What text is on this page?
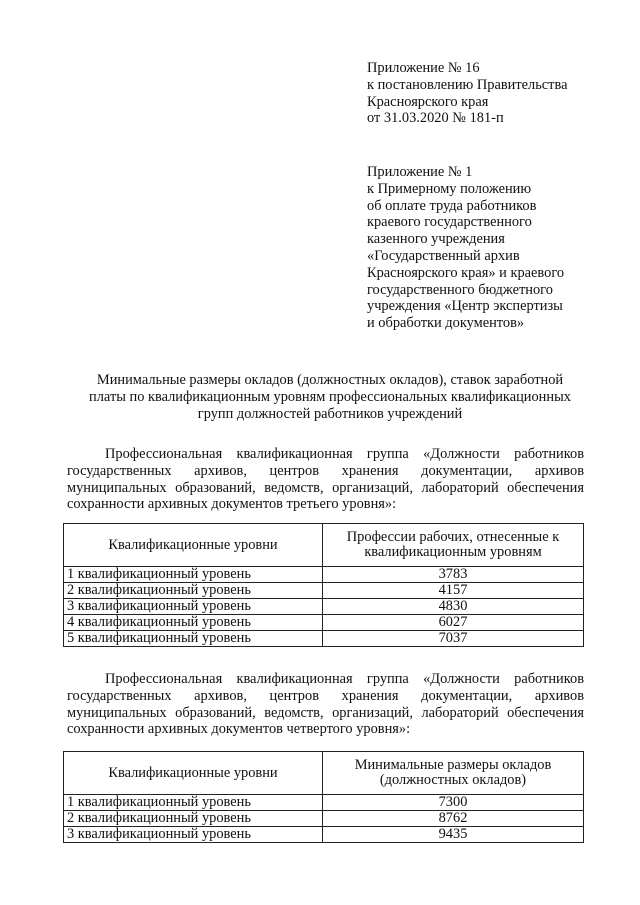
Приложение № 16
к постановлению Правительства
Красноярского края
от 31.03.2020 № 181-п
Приложение № 1
к Примерному положению
об оплате труда работников
краевого государственного
казенного учреждения
«Государственный архив
Красноярского края» и краевого
государственного бюджетного
учреждения «Центр экспертизы
и обработки документов»
Минимальные размеры окладов (должностных окладов), ставок заработной
платы по квалификационным уровням профессиональных квалификационных
групп должностей работников учреждений
Профессиональная квалификационная группа «Должности работников государственных архивов, центров хранения документации, архивов муниципальных образований, ведомств, организаций, лабораторий обеспечения сохранности архивных документов третьего уровня»:
Квалификационные уровни	Профессии рабочих, отнесенные к квалификационным уровням
1 квалификационный уровень	3783
2 квалификационный уровень	4157
3 квалификационный уровень	4830
4 квалификационный уровень	6027
5 квалификационный уровень	7037
Профессиональная квалификационная группа «Должности работников государственных архивов, центров хранения документации, архивов муниципальных образований, ведомств, организаций, лабораторий обеспечения сохранности архивных документов четвертого уровня»:
Квалификационные уровни	Минимальные размеры окладов (должностных окладов)
1 квалификационный уровень	7300
2 квалификационный уровень	8762
3 квалификационный уровень	9435
